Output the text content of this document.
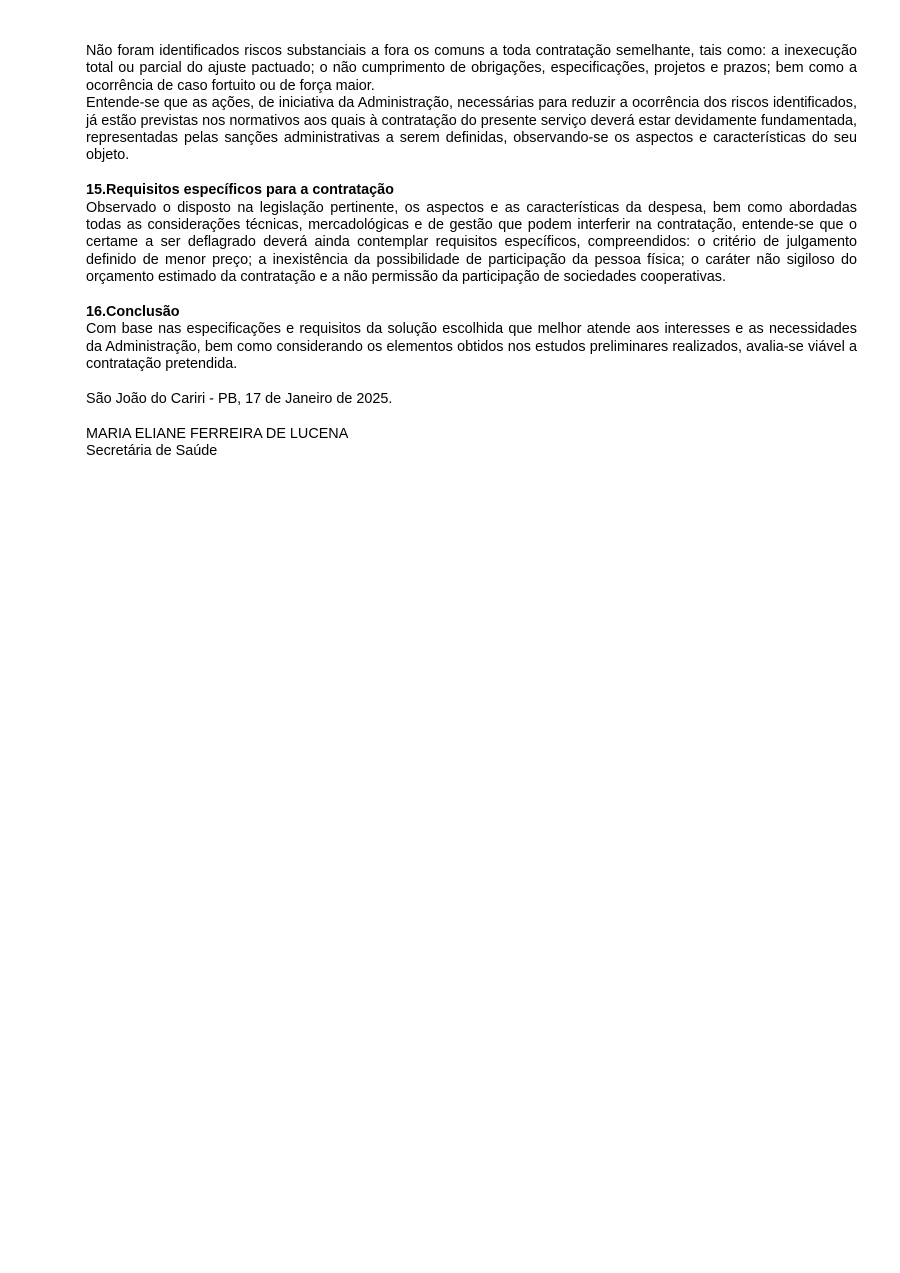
Não foram identificados riscos substanciais a fora os comuns a toda contratação semelhante, tais como: a inexecução total ou parcial do ajuste pactuado; o não cumprimento de obrigações, especificações, projetos e prazos; bem como a ocorrência de caso fortuito ou de força maior.

Entende-se que as ações, de iniciativa da Administração, necessárias para reduzir a ocorrência dos riscos identificados, já estão previstas nos normativos aos quais à contratação do presente serviço deverá estar devidamente fundamentada, representadas pelas sanções administrativas a serem definidas, observando-se os aspectos e características do seu objeto.

15.Requisitos específicos para a contratação

Observado o disposto na legislação pertinente, os aspectos e as características da despesa, bem como abordadas todas as considerações técnicas, mercadológicas e de gestão que podem interferir na contratação, entende-se que o certame a ser deflagrado deverá ainda contemplar requisitos específicos, compreendidos: o critério de julgamento definido de menor preço; a inexistência da possibilidade de participação da pessoa física; o caráter não sigiloso do orçamento estimado da contratação e a não permissão da participação de sociedades cooperativas.

16.Conclusão

Com base nas especificações e requisitos da solução escolhida que melhor atende aos interesses e as necessidades da Administração, bem como considerando os elementos obtidos nos estudos preliminares realizados, avalia-se viável a contratação pretendida.

São João do Cariri - PB, 17 de Janeiro de 2025.

MARIA ELIANE FERREIRA DE LUCENA

Secretária de Saúde
